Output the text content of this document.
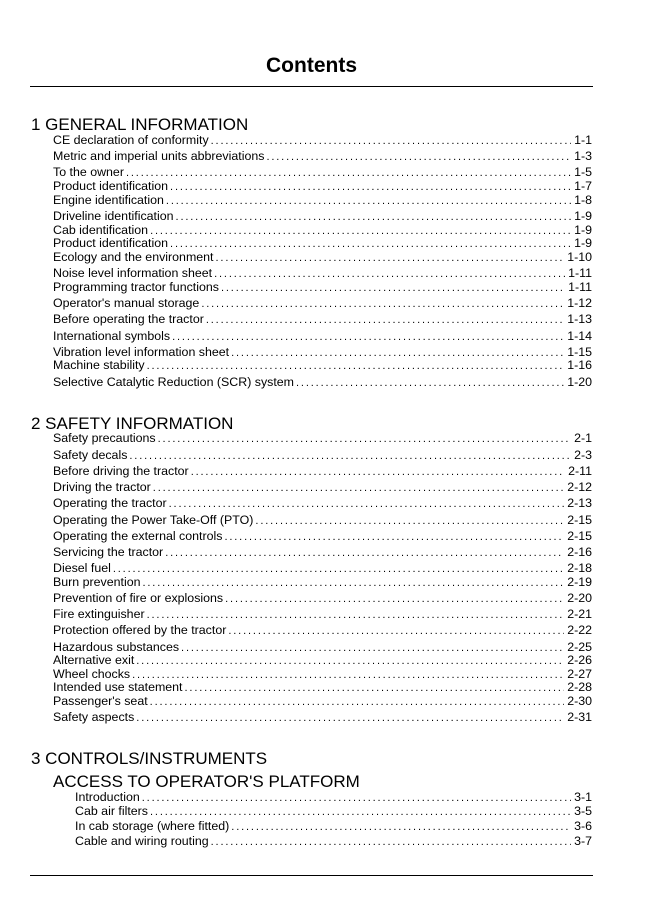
Contents
1 GENERAL INFORMATION
CE declaration of conformity . . .	1-1
Metric and imperial units abbreviations . . .	1-3
To the owner . . .	1-5
Product identification . . .	1-7
Engine identification . . .	1-8
Driveline identification . . .	1-9
Cab identification . . .	1-9
Product identification . . .	1-9
Ecology and the environment . . .	1-10
Noise level information sheet . . .	1-11
Programming tractor functions . . .	1-11
Operator's manual storage . . .	1-12
Before operating the tractor . . .	1-13
International symbols . . .	1-14
Vibration level information sheet . . .	1-15
Machine stability . . .	1-16
Selective Catalytic Reduction (SCR) system . . .	1-20
2 SAFETY INFORMATION
Safety precautions . . .	2-1
Safety decals . . .	2-3
Before driving the tractor . . .	2-11
Driving the tractor . . .	2-12
Operating the tractor . . .	2-13
Operating the Power Take-Off (PTO) . . .	2-15
Operating the external controls . . .	2-15
Servicing the tractor . . .	2-16
Diesel fuel . . .	2-18
Burn prevention . . .	2-19
Prevention of fire or explosions . . .	2-20
Fire extinguisher . . .	2-21
Protection offered by the tractor . . .	2-22
Hazardous substances . . .	2-25
Alternative exit . . .	2-26
Wheel chocks . . .	2-27
Intended use statement . . .	2-28
Passenger's seat . . .	2-30
Safety aspects . . .	2-31
3 CONTROLS/INSTRUMENTS
ACCESS TO OPERATOR'S PLATFORM
Introduction . . .	3-1
Cab air filters . . .	3-5
In cab storage (where fitted) . . .	3-6
Cable and wiring routing . . .	3-7
